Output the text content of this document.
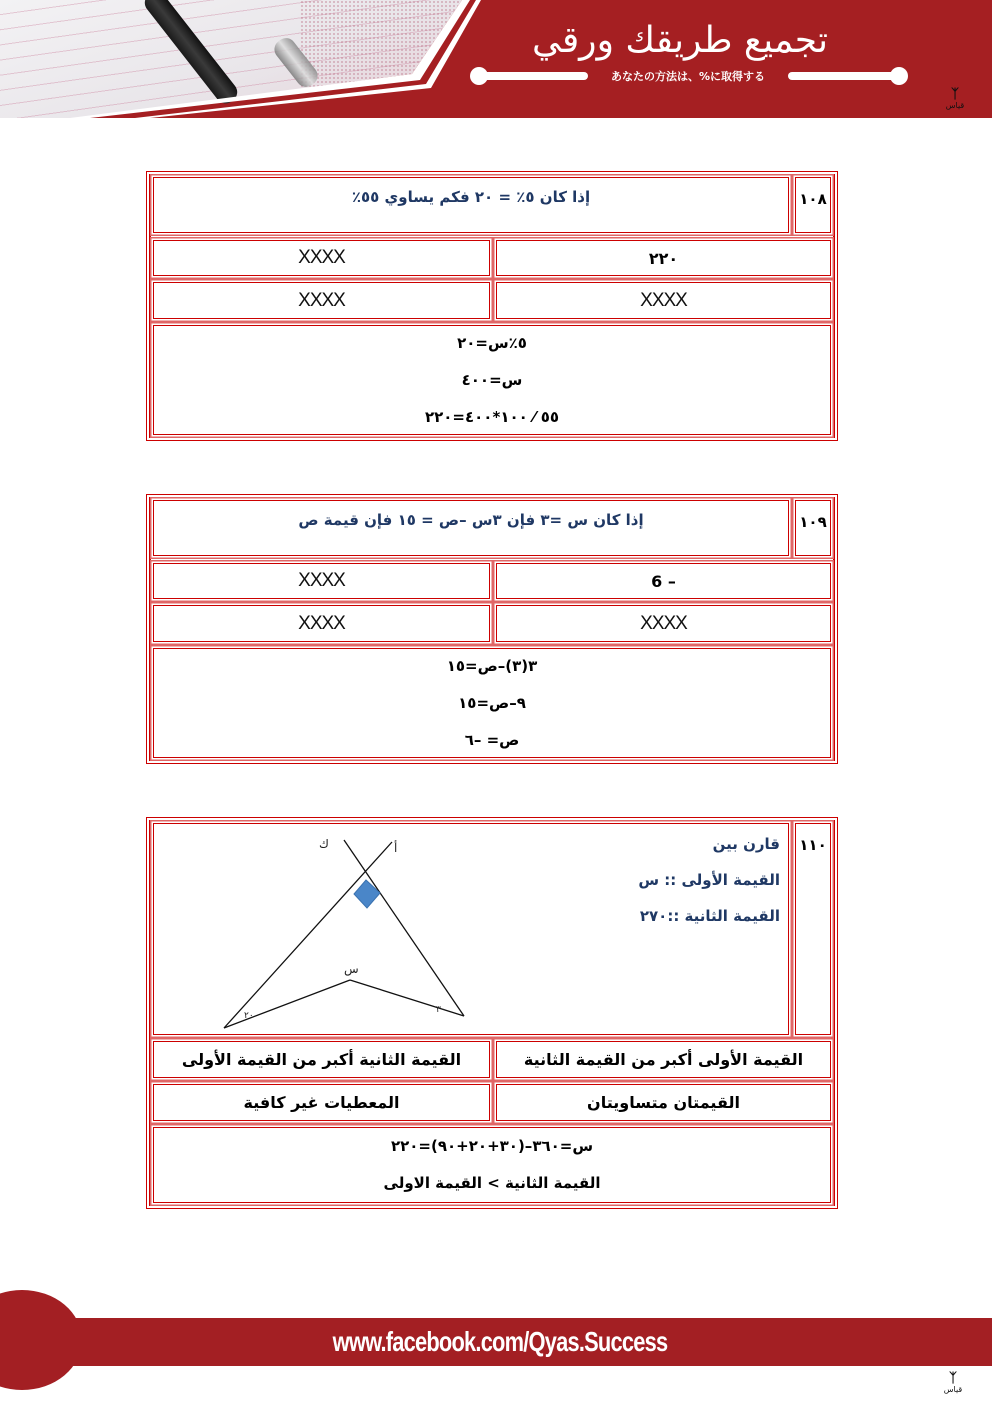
تجميع طريقك ورقي
あなたの方法は、%に取得する
ᛉ
قياس
١٠٨
إذا كان ٥٪ = ٢٠ فكم يساوي ٥٥٪
٢٢٠
XXXX
XXXX
XXXX
٥٪س=٢٠
س=٤٠٠
٥٥ ⁄ ١٠٠*٤٠٠=٢٢٠
١٠٩
إذا كان س =٣ فإن ٣س –ص = ١٥ فإن قيمة ص
6 –
XXXX
XXXX
XXXX
٣(٣)–ص=١٥
٩–ص=١٥
ص= –٦
١١٠
قارن بين
القيمة الأولى :: س
القيمة الثانية ::٢٧٠
ك	أ
س
٢٠
٣٠
القيمة الأولى أكبر من القيمة الثانية
القيمة الثانية أكبر من القيمة الأولى
القيمتان متساويتان
المعطيات غير كافية
س=٣٦٠–(٣٠+٢٠+٩٠)=٢٢٠
القيمة الثانية > القيمة الاولى
www.facebook.com/Qyas.Success
ᛉ
قياس
